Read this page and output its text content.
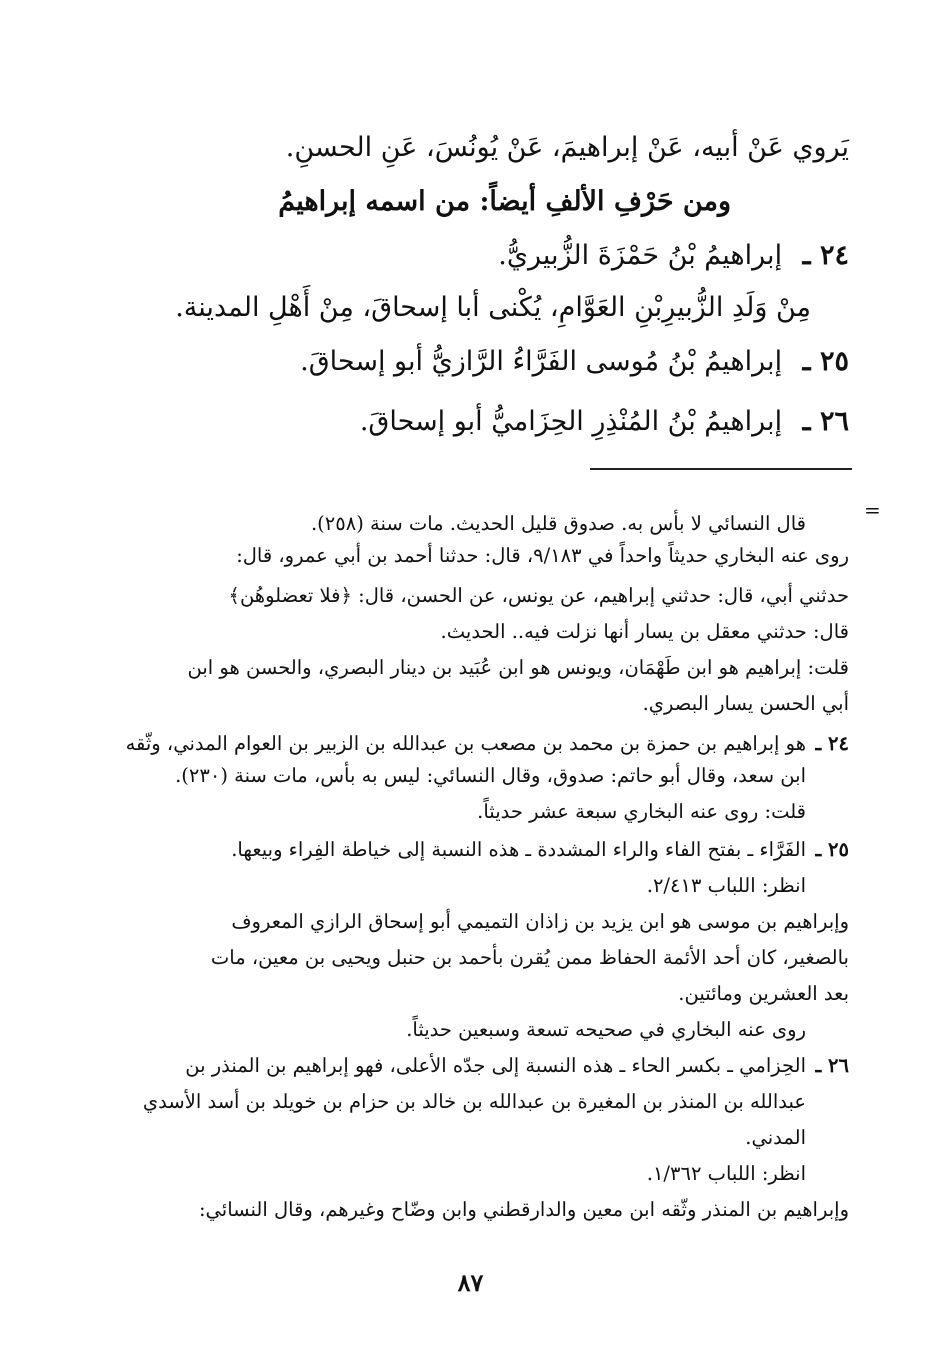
يَروي عَنْ أبيه، عَنْ إبراهيمَ، عَنْ يُونُسَ، عَنِ الحسنِ.
ومن حَرْفِ الألفِ أيضاً: من اسمه إبراهيمُ
٢٤ ـ إبراهيمُ بْنُ حَمْزَةَ الزُّبيريُّ.
مِنْ وَلَدِ الزُّبيرِبْنِ العَوَّامِ، يُكْنى أبا إسحاقَ، مِنْ أَهْلِ المدينة.
٢٥ ـ إبراهيمُ بْنُ مُوسى الفَرَّاءُ الرَّازيُّ أبو إسحاقَ.
٢٦ ـ إبراهيمُ بْنُ المُنْذِرِ الحِزَاميُّ أبو إسحاقَ.
=
قال النسائي لا بأس به. صدوق قليل الحديث. مات سنة (٢٥٨).
روى عنه البخاري حديثاً واحداً في ٩/١٨٣، قال: حدثنا أحمد بن أبي عمرو، قال:
حدثني أبي، قال: حدثني إبراهيم، عن يونس، عن الحسن، قال: ﴿فلا تعضلوهُن﴾
قال: حدثني معقل بن يسار أنها نزلت فيه.. الحديث.
قلت: إبراهيم هو ابن طَهْمَان، ويونس هو ابن عُبَيد بن دينار البصري، والحسن هو ابن
أبي الحسن يسار البصري.
٢٤ ـ
هو إبراهيم بن حمزة بن محمد بن مصعب بن عبدالله بن الزبير بن العوام المدني، وثّقه
ابن سعد، وقال أبو حاتم: صدوق، وقال النسائي: ليس به بأس، مات سنة (٢٣٠).
قلت: روى عنه البخاري سبعة عشر حديثاً.
٢٥ ـ
الفَرَّاء ـ بفتح الفاء والراء المشددة ـ هذه النسبة إلى خياطة الفِراء وبيعها.
انظر: اللباب ٢/٤١٣.
وإبراهيم بن موسى هو ابن يزيد بن زاذان التميمي أبو إسحاق الرازي المعروف
بالصغير، كان أحد الأئمة الحفاظ ممن يُقرن بأحمد بن حنبل ويحيى بن معين، مات
بعد العشرين ومائتين.
روى عنه البخاري في صحيحه تسعة وسبعين حديثاً.
٢٦ ـ
الحِزامي ـ بكسر الحاء ـ هذه النسبة إلى جدّه الأعلى، فهو إبراهيم بن المنذر بن
عبدالله بن المنذر بن المغيرة بن عبدالله بن خالد بن حزام بن خويلد بن أسد الأسدي
المدني.
انظر: اللباب ١/٣٦٢.
وإبراهيم بن المنذر وثّقه ابن معين والدارقطني وابن وضّاح وغيرهم، وقال النسائي:
٨٧
